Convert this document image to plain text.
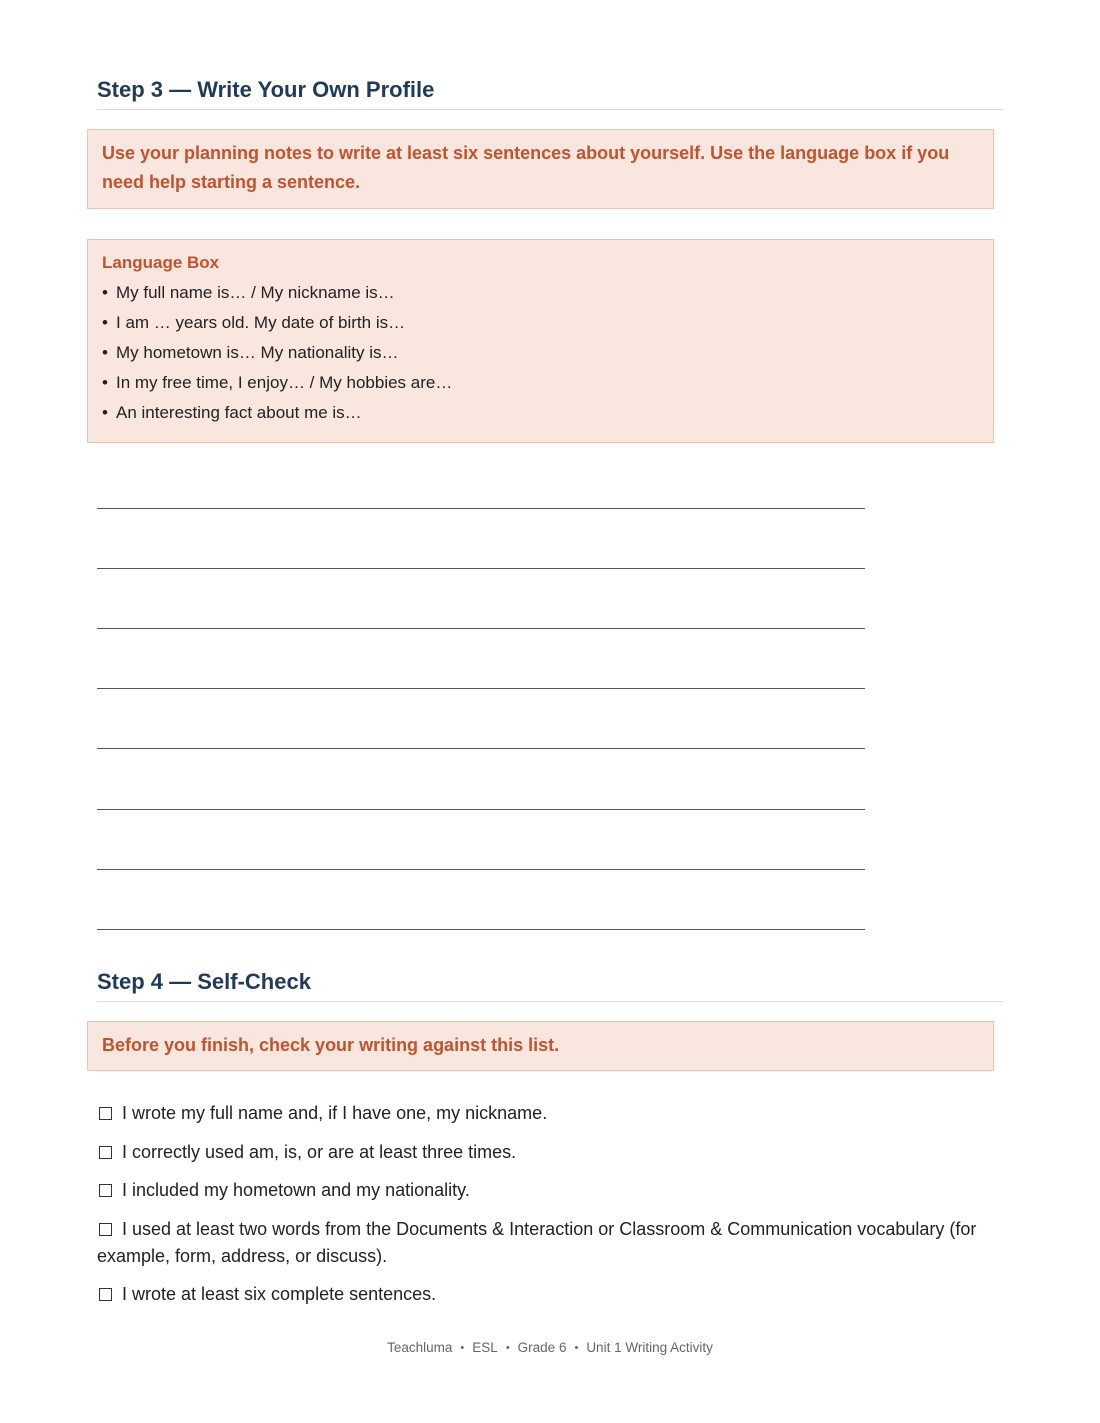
Step 3 — Write Your Own Profile
Use your planning notes to write at least six sentences about yourself. Use the language box if you need help starting a sentence.
Language Box
• My full name is… / My nickname is…
• I am … years old. My date of birth is…
• My hometown is… My nationality is…
• In my free time, I enjoy… / My hobbies are…
• An interesting fact about me is…
Step 4 — Self-Check
Before you finish, check your writing against this list.
I wrote my full name and, if I have one, my nickname.
I correctly used am, is, or are at least three times.
I included my hometown and my nationality.
I used at least two words from the Documents & Interaction or Classroom & Communication vocabulary (for example, form, address, or discuss).
I wrote at least six complete sentences.
Teachluma • ESL • Grade 6 • Unit 1 Writing Activity
